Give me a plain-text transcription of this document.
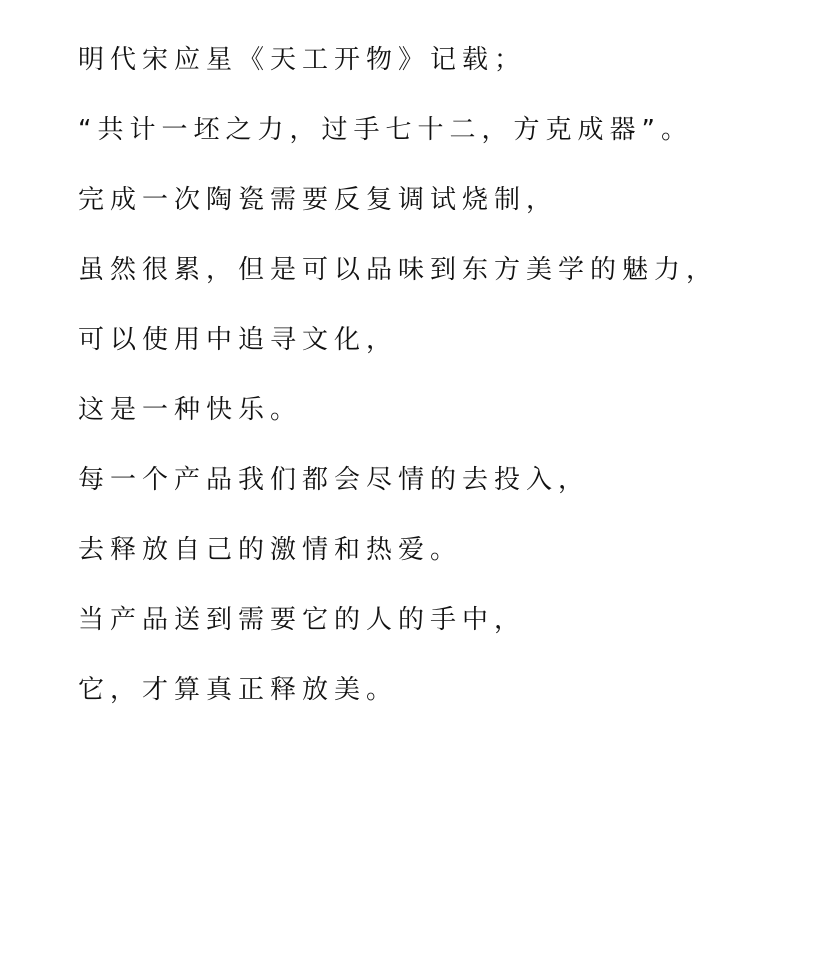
明代宋应星《天工开物》记载；
“共计一坯之力，过手七十二，方克成器”。
完成一次陶瓷需要反复调试烧制，
虽然很累，但是可以品味到东方美学的魅力，
可以使用中追寻文化，
这是一种快乐。
每一个产品我们都会尽情的去投入，
去释放自己的激情和热爱。
当产品送到需要它的人的手中，
它，才算真正释放美。
